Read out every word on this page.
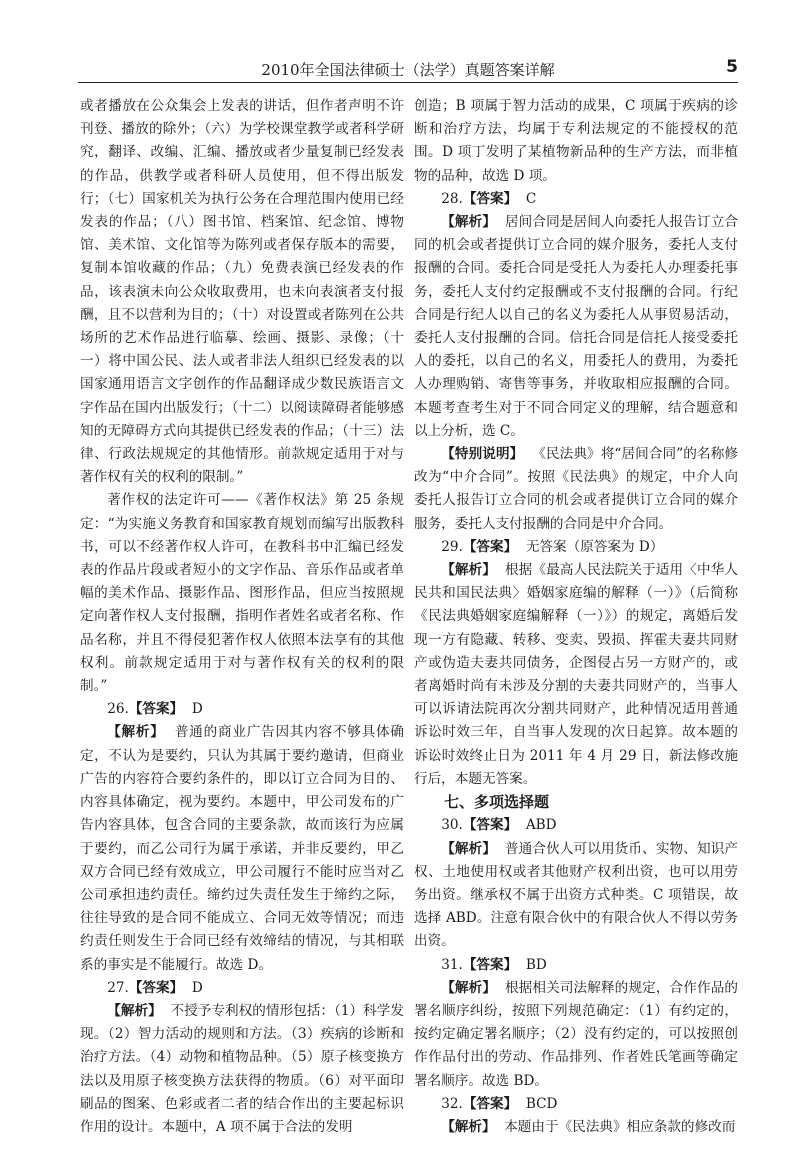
2010年全国法律硕士（法学）真题答案详解	5

或者播放在公众集会上发表的讲话，但作者声明不许刊登、播放的除外；（六）为学校课堂教学或者科学研究，翻译、改编、汇编、播放或者少量复制已经发表的作品，供教学或者科研人员使用，但不得出版发行；（七）国家机关为执行公务在合理范围内使用已经发表的作品；（八）图书馆、档案馆、纪念馆、博物馆、美术馆、文化馆等为陈列或者保存版本的需要，复制本馆收藏的作品；（九）免费表演已经发表的作品，该表演未向公众收取费用，也未向表演者支付报酬，且不以营利为目的；（十）对设置或者陈列在公共场所的艺术作品进行临摹、绘画、摄影、录像；（十一）将中国公民、法人或者非法人组织已经发表的以国家通用语言文字创作的作品翻译成少数民族语言文字作品在国内出版发行；（十二）以阅读障碍者能够感知的无障碍方式向其提供已经发表的作品；（十三）法律、行政法规规定的其他情形。前款规定适用于对与著作权有关的权利的限制。”

著作权的法定许可——《著作权法》第 25 条规定：“为实施义务教育和国家教育规划而编写出版教科书，可以不经著作权人许可，在教科书中汇编已经发表的作品片段或者短小的文字作品、音乐作品或者单幅的美术作品、摄影作品、图形作品，但应当按照规定向著作权人支付报酬，指明作者姓名或者名称、作品名称，并且不得侵犯著作权人依照本法享有的其他权利。前款规定适用于对与著作权有关的权利的限制。”

26.【答案】 D

【解析】 普通的商业广告因其内容不够具体确定，不认为是要约，只认为其属于要约邀请，但商业广告的内容符合要约条件的，即以订立合同为目的、内容具体确定，视为要约。本题中，甲公司发布的广告内容具体，包含合同的主要条款，故而该行为应属于要约，而乙公司行为属于承诺，并非反要约，甲乙双方合同已经有效成立，甲公司履行不能时应当对乙公司承担违约责任。缔约过失责任发生于缔约之际，往往导致的是合同不能成立、合同无效等情况；而违约责任则发生于合同已经有效缔结的情况，与其相联系的事实是不能履行。故选 D。

27.【答案】 D

【解析】 不授予专利权的情形包括：（1）科学发现。（2）智力活动的规则和方法。（3）疾病的诊断和治疗方法。（4）动物和植物品种。（5）原子核变换方法以及用原子核变换方法获得的物质。（6）对平面印刷品的图案、色彩或者二者的结合作出的主要起标识作用的设计。本题中，A 项不属于合法的发明

创造；B 项属于智力活动的成果，C 项属于疾病的诊断和治疗方法，均属于专利法规定的不能授权的范围。D 项丁发明了某植物新品种的生产方法，而非植物的品种，故选 D 项。

28.【答案】 C

【解析】 居间合同是居间人向委托人报告订立合同的机会或者提供订立合同的媒介服务，委托人支付报酬的合同。委托合同是受托人为委托人办理委托事务，委托人支付约定报酬或不支付报酬的合同。行纪合同是行纪人以自己的名义为委托人从事贸易活动，委托人支付报酬的合同。信托合同是信托人接受委托人的委托，以自己的名义，用委托人的费用，为委托人办理购销、寄售等事务，并收取相应报酬的合同。本题考查考生对于不同合同定义的理解，结合题意和以上分析，选 C。

【特别说明】 《民法典》将“居间合同”的名称修改为“中介合同”。按照《民法典》的规定，中介人向委托人报告订立合同的机会或者提供订立合同的媒介服务，委托人支付报酬的合同是中介合同。

29.【答案】 无答案（原答案为 D）

【解析】 根据《最高人民法院关于适用〈中华人民共和国民法典〉婚姻家庭编的解释（一）》（后简称《民法典婚姻家庭编解释（一）》）的规定，离婚后发现一方有隐藏、转移、变卖、毁损、挥霍夫妻共同财产或伪造夫妻共同债务，企图侵占另一方财产的，或者离婚时尚有未涉及分割的夫妻共同财产的，当事人可以诉请法院再次分割共同财产，此种情况适用普通诉讼时效三年，自当事人发现的次日起算。故本题的诉讼时效终止日为 2011 年 4 月 29 日，新法修改施行后，本题无答案。

七、多项选择题

30.【答案】 ABD

【解析】 普通合伙人可以用货币、实物、知识产权、土地使用权或者其他财产权利出资，也可以用劳务出资。继承权不属于出资方式种类。C 项错误，故选择 ABD。注意有限合伙中的有限合伙人不得以劳务出资。

31.【答案】 BD

【解析】 根据相关司法解释的规定，合作作品的署名顺序纠纷，按照下列规范确定：（1）有约定的，按约定确定署名顺序；（2）没有约定的，可以按照创作作品付出的劳动、作品排列、作者姓氏笔画等确定署名顺序。故选 BD。

32.【答案】 BCD

【解析】 本题由于《民法典》相应条款的修改而
